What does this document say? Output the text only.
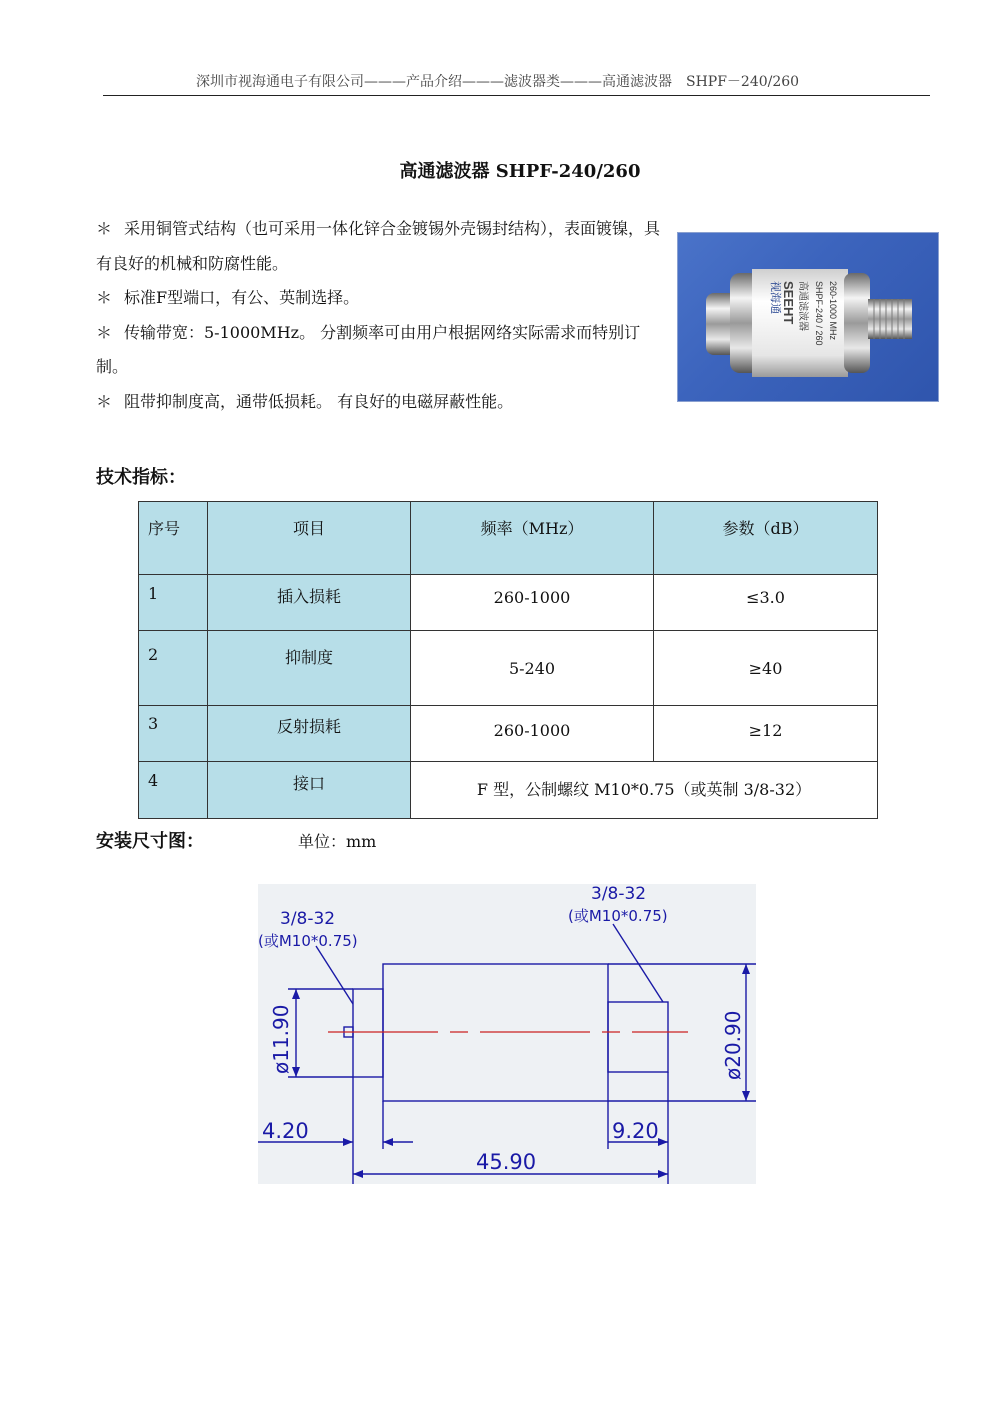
深圳市视海通电子有限公司———产品介绍———滤波器类———高通滤波器　SHPF－240/260
高通滤波器 SHPF-240/260

＊ 采用铜管式结构（也可采用一体化锌合金镀锡外壳锡封结构），表面镀镍，具有良好的机械和防腐性能。

＊ 标准F型端口，有公、英制选择。

＊ 传输带宽：5-1000MHz。 分割频率可由用户根据网络实际需求而特别订制。

＊ 阻带抑制度高，通带低损耗。 有良好的电磁屏蔽性能。

视海通 SEEHT 高通滤波器 SHPF-240 / 260 260-1000 MHz
技术指标：
序号	项目	频率（MHz）	参数（dB）
1	插入损耗	260-1000	≤3.0
2	抑制度	5-240	≥40
3	反射损耗	260-1000	≥12
4	接口	F 型，公制螺纹 M10*0.75（或英制 3/8-32）	
安装尺寸图：	单位：mm
3/8-32
(或M10*0.75)
3/8-32
(或M10*0.75)
ø11.90	ø20.90
4.20	9.20
45.90
